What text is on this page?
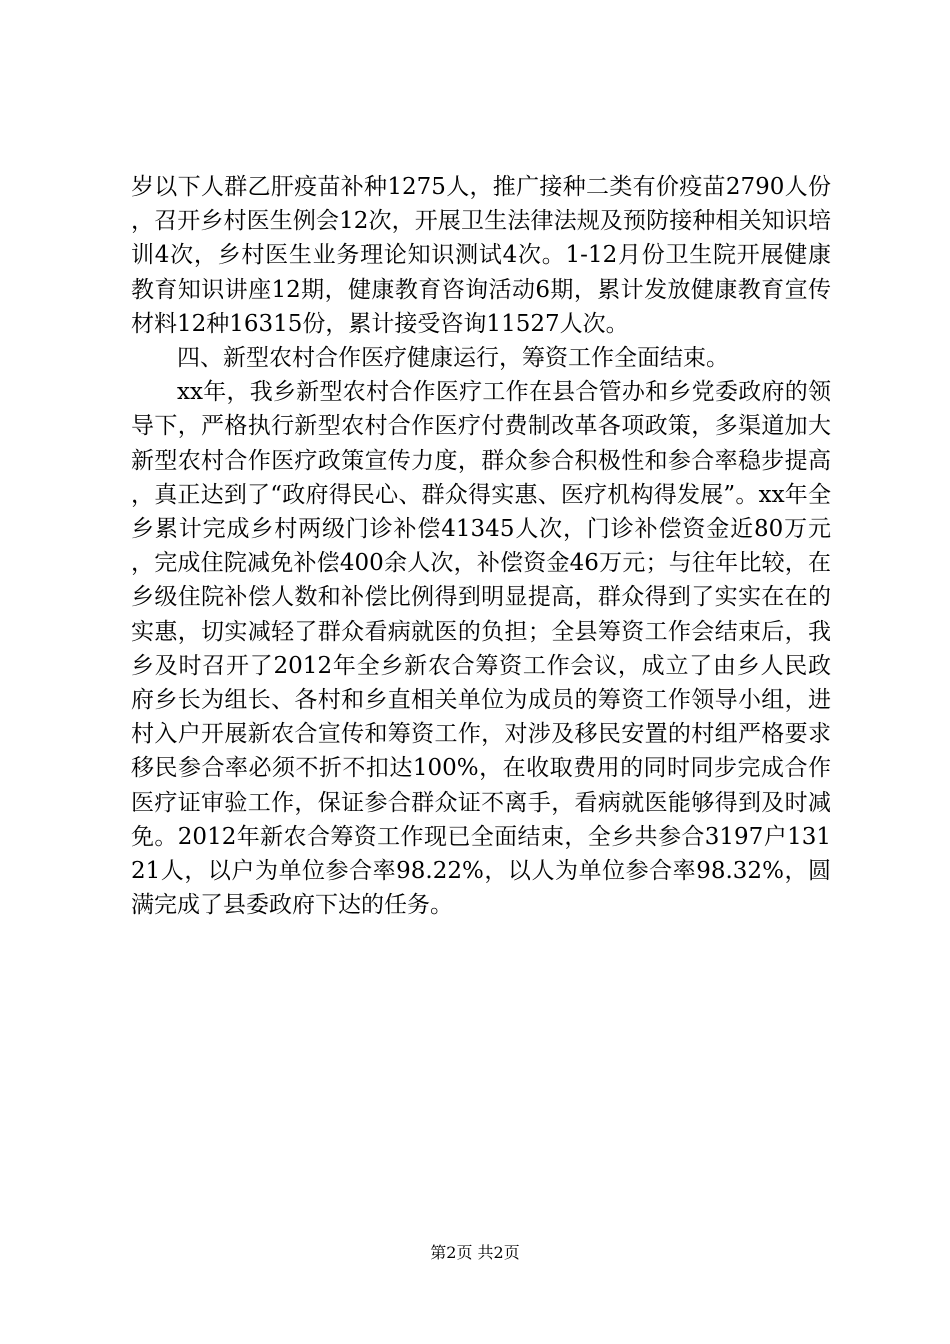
岁以下人群乙肝疫苗补种1275人，推广接种二类有价疫苗2790人份，召开乡村医生例会12次，开展卫生法律法规及预防接种相关知识培训4次，乡村医生业务理论知识测试4次。1-12月份卫生院开展健康教育知识讲座12期，健康教育咨询活动6期，累计发放健康教育宣传材料12种16315份，累计接受咨询11527人次。

四、新型农村合作医疗健康运行，筹资工作全面结束。

xx年，我乡新型农村合作医疗工作在县合管办和乡党委政府的领导下，严格执行新型农村合作医疗付费制改革各项政策，多渠道加大新型农村合作医疗政策宣传力度，群众参合积极性和参合率稳步提高，真正达到了“政府得民心、群众得实惠、医疗机构得发展”。xx年全乡累计完成乡村两级门诊补偿41345人次，门诊补偿资金近80万元，完成住院减免补偿400余人次，补偿资金46万元；与往年比较，在乡级住院补偿人数和补偿比例得到明显提高，群众得到了实实在在的实惠，切实减轻了群众看病就医的负担；全县筹资工作会结束后，我乡及时召开了2012年全乡新农合筹资工作会议，成立了由乡人民政府乡长为组长、各村和乡直相关单位为成员的筹资工作领导小组，进村入户开展新农合宣传和筹资工作，对涉及移民安置的村组严格要求移民参合率必须不折不扣达100%，在收取费用的同时同步完成合作医疗证审验工作，保证参合群众证不离手，看病就医能够得到及时减免。2012年新农合筹资工作现已全面结束，全乡共参合3197户13121人，以户为单位参合率98.22%，以人为单位参合率98.32%，圆满完成了县委政府下达的任务。

第2页 共2页
